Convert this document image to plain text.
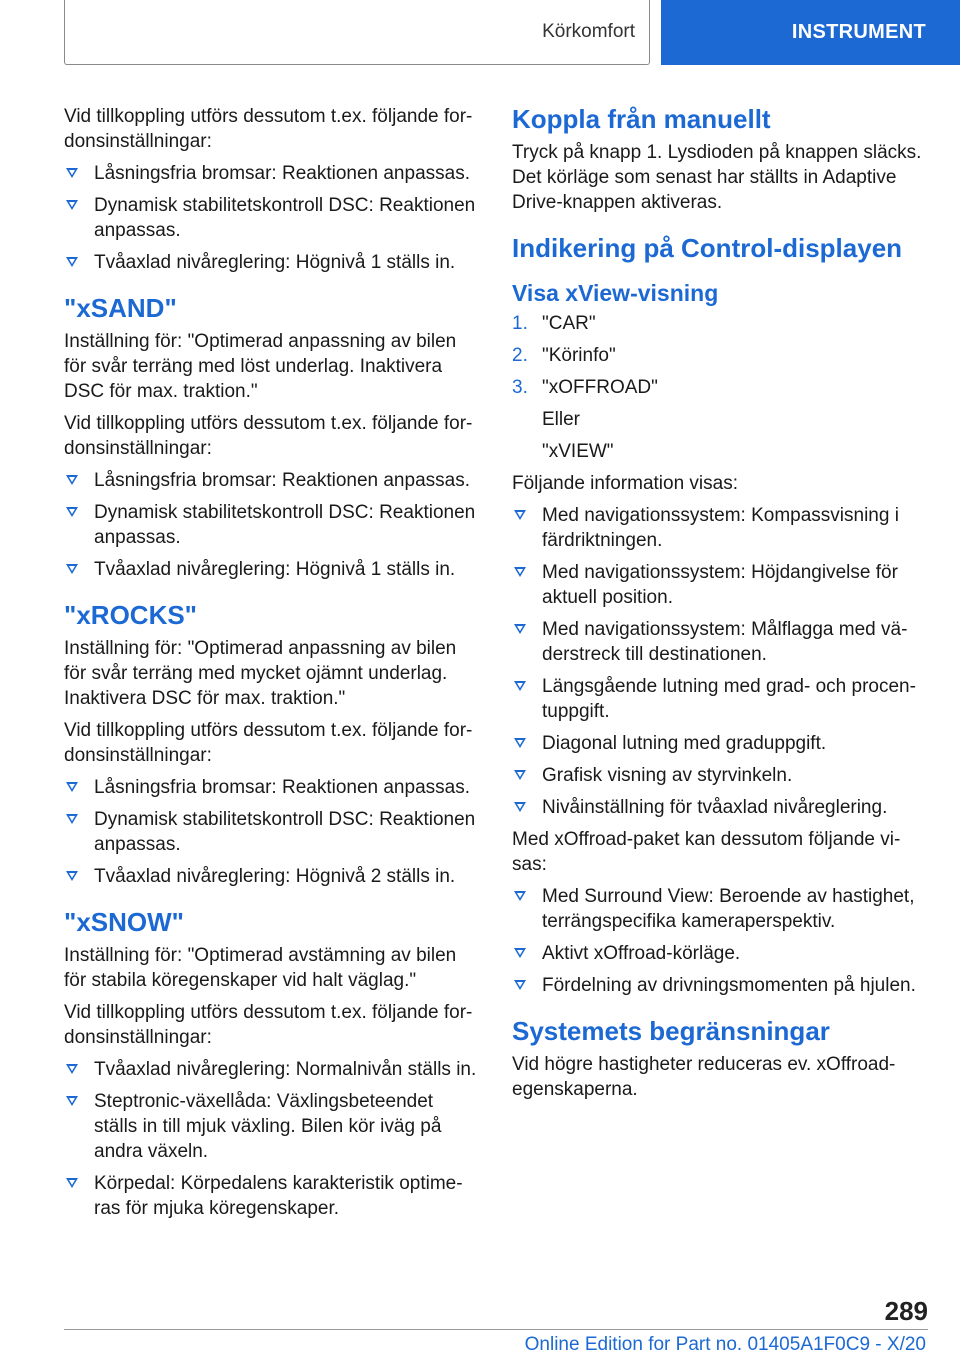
Körkomfort	INSTRUMENT

Vid tillkoppling utförs dessutom t.ex. följande fordonsinställningar:

Låsningsfria bromsar: Reaktionen anpassas.
Dynamisk stabilitetskontroll DSC: Reaktionen anpassas.
Tvåaxlad nivåreglering: Högnivå 1 ställs in.
"xSAND"

Inställning för: "Optimerad anpassning av bilen för svår terräng med löst underlag. Inaktivera DSC för max. traktion."

Vid tillkoppling utförs dessutom t.ex. följande fordonsinställningar:

Låsningsfria bromsar: Reaktionen anpassas.
Dynamisk stabilitetskontroll DSC: Reaktionen anpassas.
Tvåaxlad nivåreglering: Högnivå 1 ställs in.
"xROCKS"

Inställning för: "Optimerad anpassning av bilen för svår terräng med mycket ojämnt underlag. Inaktivera DSC för max. traktion."

Vid tillkoppling utförs dessutom t.ex. följande fordonsinställningar:

Låsningsfria bromsar: Reaktionen anpassas.
Dynamisk stabilitetskontroll DSC: Reaktionen anpassas.
Tvåaxlad nivåreglering: Högnivå 2 ställs in.
"xSNOW"

Inställning för: "Optimerad avstämning av bilen för stabila köregenskaper vid halt väglag."

Vid tillkoppling utförs dessutom t.ex. följande fordonsinställningar:

Tvåaxlad nivåreglering: Normalnivån ställs in.
Steptronic-växellåda: Växlingsbeteendet ställs in till mjuk växling. Bilen kör iväg på andra växeln.
Körpedal: Körpedalens karakteristik optimeras för mjuka köregenskaper.
Koppla från manuellt

Tryck på knapp 1. Lysdioden på knappen släcks. Det körläge som senast har ställts in Adaptive Drive-knappen aktiveras.

Indikering på Control-displayen
Visa xView-visning
1. "CAR"
2. "Körinfo"
3. "xOFFROAD"

Eller

"xVIEW"

Följande information visas:

Med navigationssystem: Kompassvisning i färdriktningen.
Med navigationssystem: Höjdangivelse för aktuell position.
Med navigationssystem: Målflagga med väderstreck till destinationen.
Längsgående lutning med grad- och procentuppgift.
Diagonal lutning med graduppgift.
Grafisk visning av styrvinkeln.
Nivåinställning för tvåaxlad nivåreglering.

Med xOffroad-paket kan dessutom följande visas:

Med Surround View: Beroende av hastighet, terrängspecifika kameraperspektiv.
Aktivt xOffroad-körläge.
Fördelning av drivningsmomenten på hjulen.
Systemets begränsningar

Vid högre hastigheter reduceras ev. xOffroad-egenskaperna.

289
Online Edition for Part no. 01405A1F0C9 - X/20
